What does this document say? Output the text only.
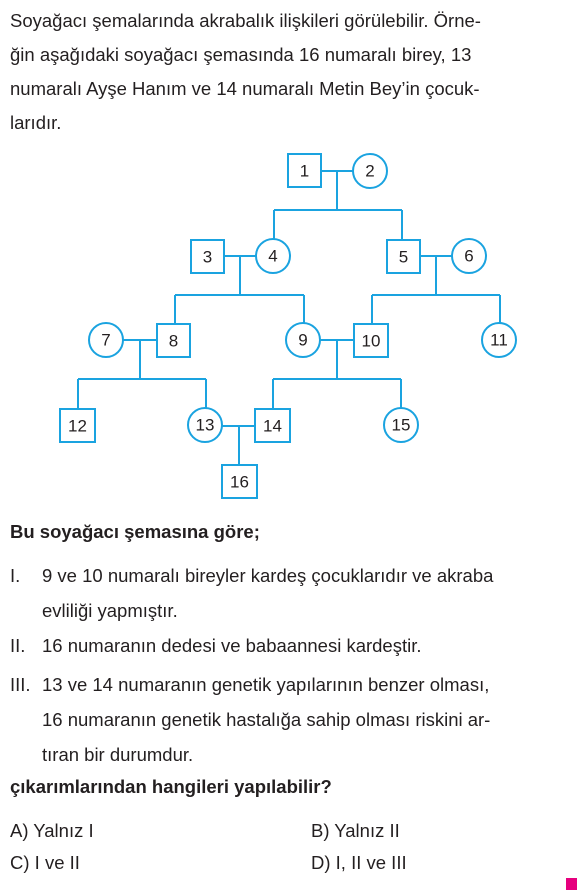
Soyağacı şemalarında akrabalık ilişkileri görülebilir. Örne-
ğin aşağıdaki soyağacı şemasında 16 numaralı birey, 13
numaralı Ayşe Hanım ve 14 numaralı Metin Bey’in çocuk-
larıdır.

1	2
3	4	5	6
7	8	9	10	11
12	13	14	15
16

Bu soyağacı şemasına göre;

I. 9 ve 10 numaralı bireyler kardeş çocuklarıdır ve akraba
evliliği yapmıştır.
II. 16 numaranın dedesi ve babaannesi kardeştir.
III. 13 ve 14 numaranın genetik yapılarının benzer olması,
16 numaranın genetik hastalığa sahip olması riskini ar-
tıran bir durumdur.

çıkarımlarından hangileri yapılabilir?

A) Yalnız I	B) Yalnız II
C) I ve II	D) I, II ve III
